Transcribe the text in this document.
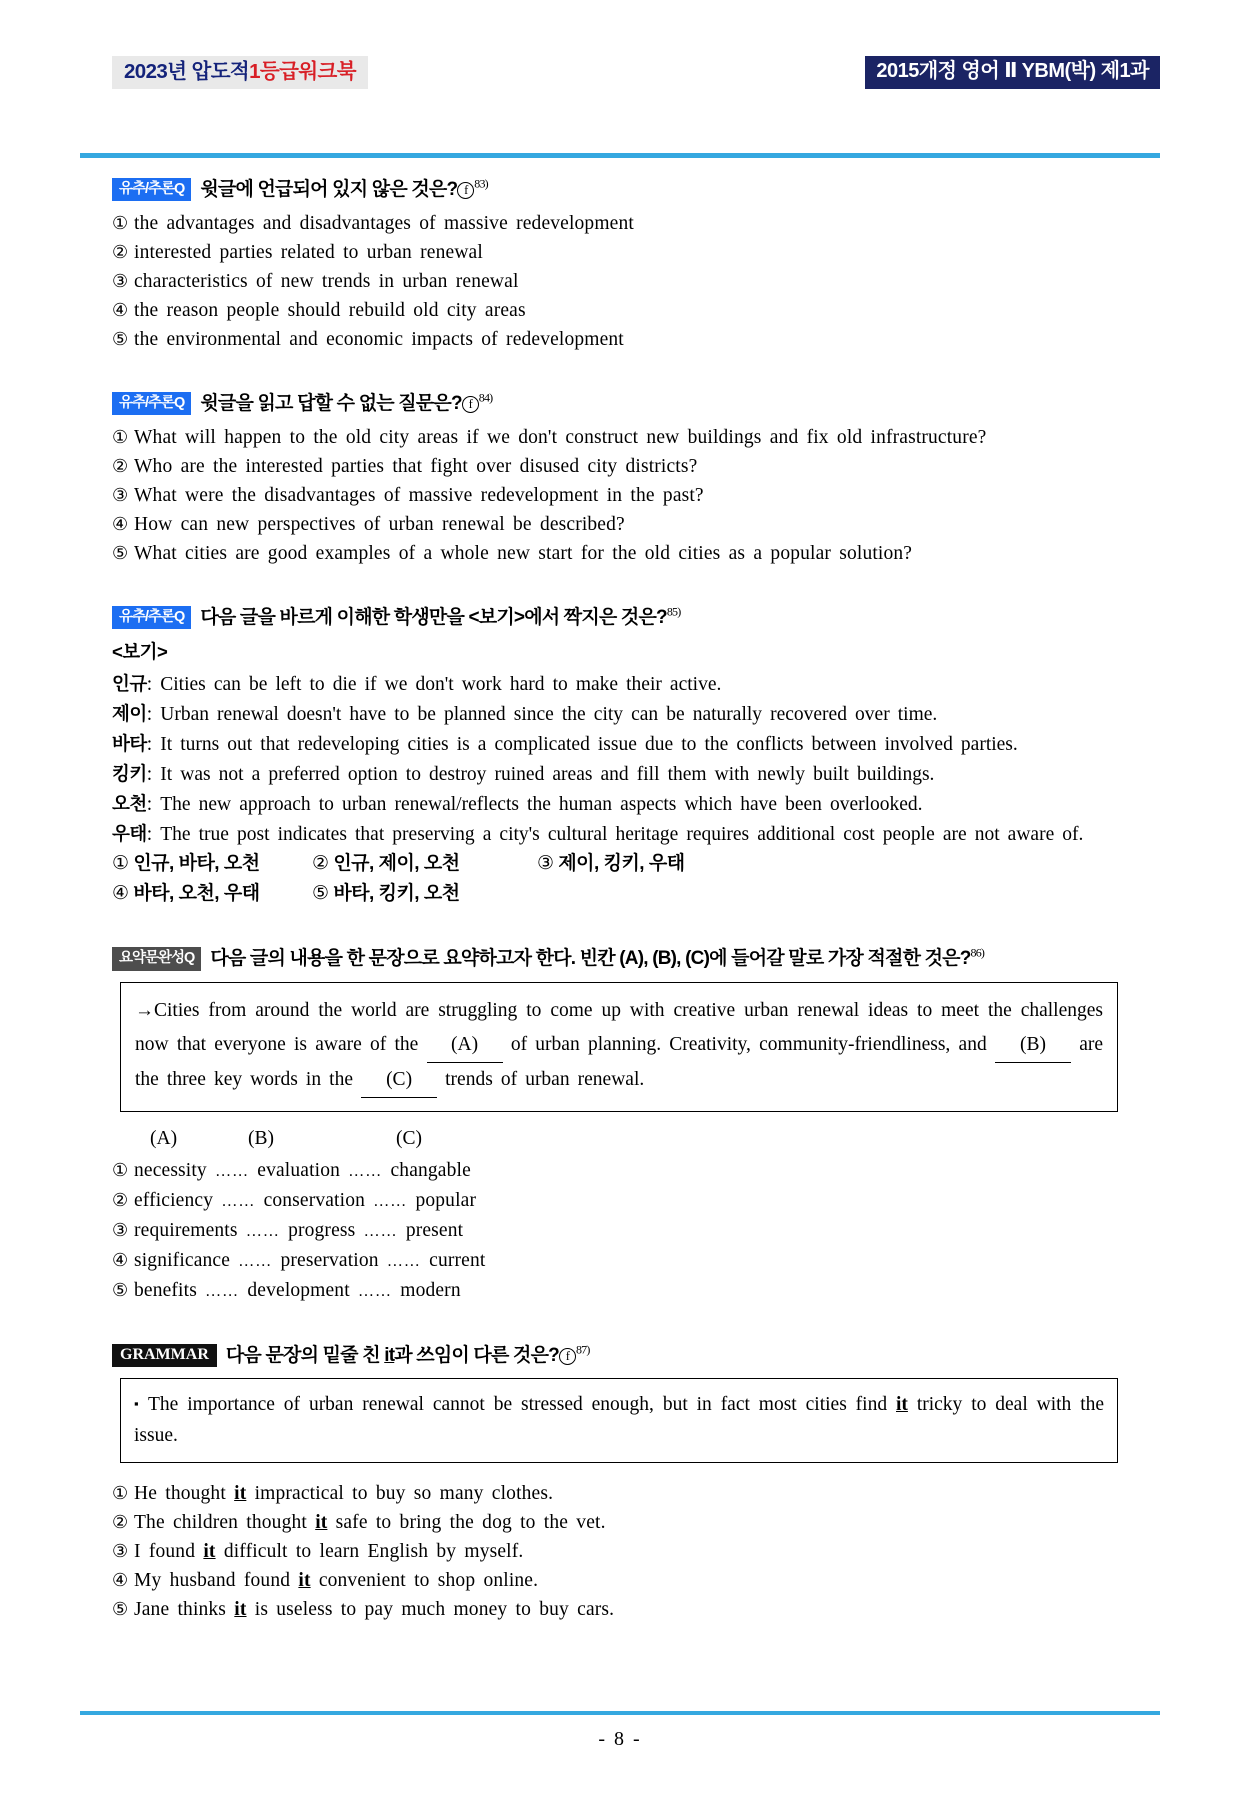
2023년 압도적1등급워크북	2015개정 영어 Ⅱ YBM(박) 제1과
유추/추론Q 윗글에 언급되어 있지 않은 것은? f $^{83)}$

① the advantages and disadvantages of massive redevelopment

② interested parties related to urban renewal

③ characteristics of new trends in urban renewal

④ the reason people should rebuild old city areas

⑤ the environmental and economic impacts of redevelopment

유추/추론Q 윗글을 읽고 답할 수 없는 질문은? f $^{84)}$

① What will happen to the old city areas if we don't construct new buildings and fix old infrastructure?

② Who are the interested parties that fight over disused city districts?

③ What were the disadvantages of massive redevelopment in the past?

④ How can new perspectives of urban renewal be described?

⑤ What cities are good examples of a whole new start for the old cities as a popular solution?

유추/추론Q 다음 글을 바르게 이해한 학생만을 <보기>에서 짝지은 것은?$^{85)}$
<보기>

인규: Cities can be left to die if we don't work hard to make their active.

제이: Urban renewal doesn't have to be planned since the city can be naturally recovered over time.

바타: It turns out that redeveloping cities is a complicated issue due to the conflicts between involved parties.

킹키: It was not a preferred option to destroy ruined areas and fill them with newly built buildings.

오천: The new approach to urban renewal/reflects the human aspects which have been overlooked.

우태: The true post indicates that preserving a city's cultural heritage requires additional cost people are not aware of.

① 인규, 바타, 오천	② 인규, 제이, 오천	③ 제이, 킹키, 우태
④ 바타, 오천, 우태	⑤ 바타, 킹키, 오천
요약문완성Q 다음 글의 내용을 한 문장으로 요약하고자 한다. 빈칸 (A), (B), (C)에 들어갈 말로 가장 적절한 것은?$^{86)}$

→Cities from around the world are struggling to come up with creative urban renewal ideas to meet the challenges now that everyone is aware of the (A) of urban planning. Creativity, community-friendliness, and (B) are the three key words in the (C) trends of urban renewal.

(A)	(B)	(C)

① necessity …… evaluation …… changable

② efficiency …… conservation …… popular

③ requirements …… progress …… present

④ significance …… preservation …… current

⑤ benefits …… development …… modern

GRAMMAR 다음 문장의 밑줄 친 it과 쓰임이 다른 것은? f $^{87)}$

▪ The importance of urban renewal cannot be stressed enough, but in fact most cities find it tricky to deal with the issue.

① He thought it impractical to buy so many clothes.

② The children thought it safe to bring the dog to the vet.

③ I found it difficult to learn English by myself.

④ My husband found it convenient to shop online.

⑤ Jane thinks it is useless to pay much money to buy cars.

- 8 -
